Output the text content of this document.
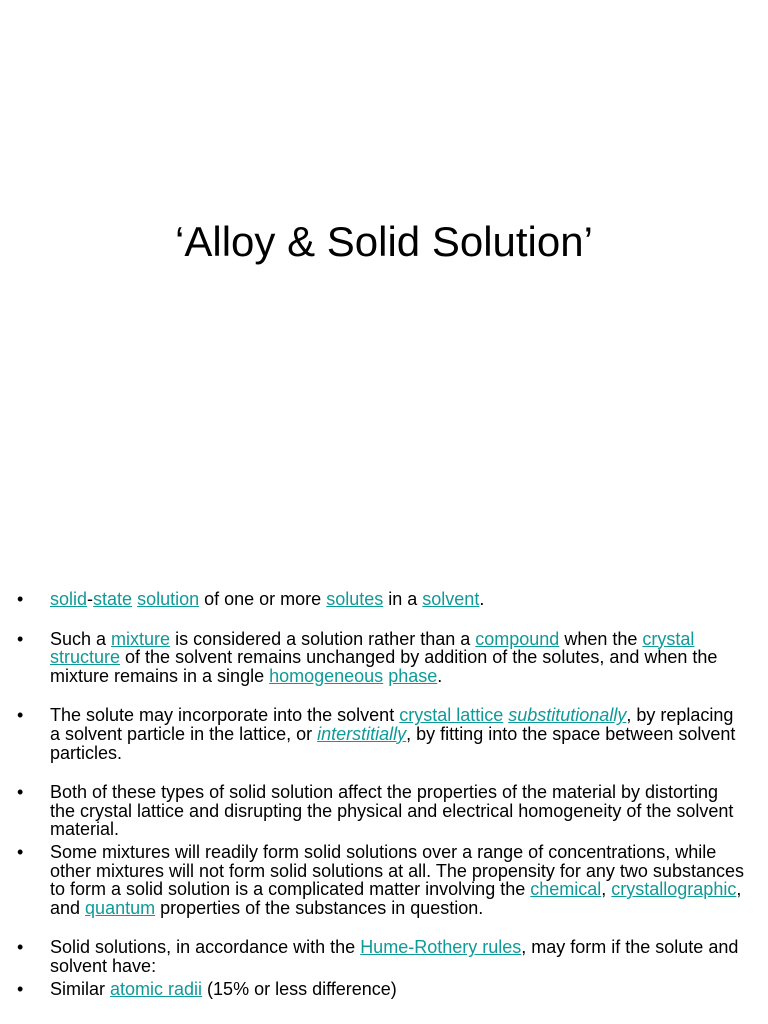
‘Alloy & Solid Solution’
• solid-state solution of one or more solutes in a solvent.
• Such a mixture is considered a solution rather than a compound when the crystal structure of the solvent remains unchanged by addition of the solutes, and when the mixture remains in a single homogeneous phase.
• The solute may incorporate into the solvent crystal lattice substitutionally, by replacing a solvent particle in the lattice, or interstitially, by fitting into the space between solvent particles.
• Both of these types of solid solution affect the properties of the material by distorting the crystal lattice and disrupting the physical and electrical homogeneity of the solvent material.
• Some mixtures will readily form solid solutions over a range of concentrations, while other mixtures will not form solid solutions at all. The propensity for any two substances to form a solid solution is a complicated matter involving the chemical, crystallographic, and quantum properties of the substances in question.
• Solid solutions, in accordance with the Hume-Rothery rules, may form if the solute and solvent have:
• Similar atomic radii (15% or less difference)
